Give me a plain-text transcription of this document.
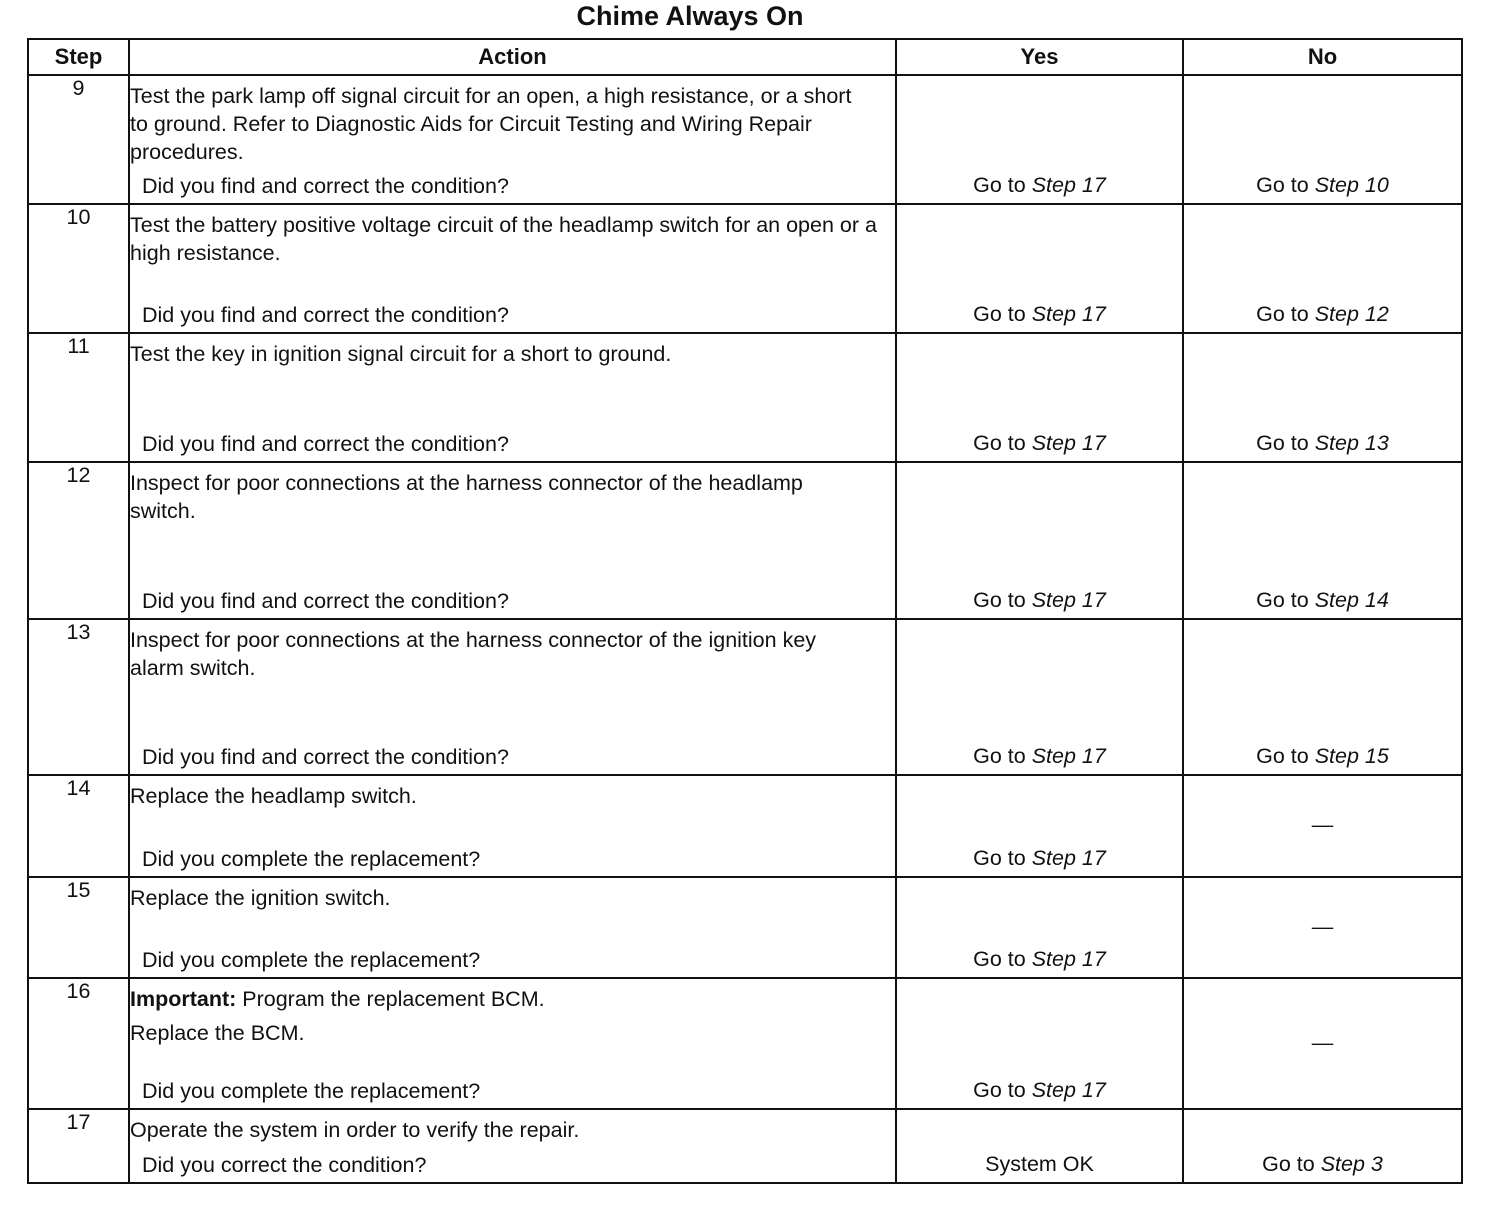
Chime Always On
Step	Action	Yes	No
9	Test the park lamp off signal circuit for an open, a high resistance, or a short to ground. Refer to Diagnostic Aids for Circuit Testing and Wiring Repair procedures.
Did you find and correct the condition?	Go to Step 17	Go to Step 10

10	Test the battery positive voltage circuit of the headlamp switch for an open or a high resistance.
Did you find and correct the condition?	Go to Step 17	Go to Step 12

11	Test the key in ignition signal circuit for a short to ground.
Did you find and correct the condition?	Go to Step 17	Go to Step 13

12	Inspect for poor connections at the harness connector of the headlamp switch.
Did you find and correct the condition?	Go to Step 17	Go to Step 14

13	Inspect for poor connections at the harness connector of the ignition key alarm switch.
Did you find and correct the condition?	Go to Step 17	Go to Step 15

14	Replace the headlamp switch.
Did you complete the replacement?	Go to Step 17	—

15	Replace the ignition switch.
Did you complete the replacement?	Go to Step 17	—

16	Important: Program the replacement BCM.
Replace the BCM.
Did you complete the replacement?	Go to Step 17	—

17	Operate the system in order to verify the repair.
Did you correct the condition?	System OK	Go to Step 3
